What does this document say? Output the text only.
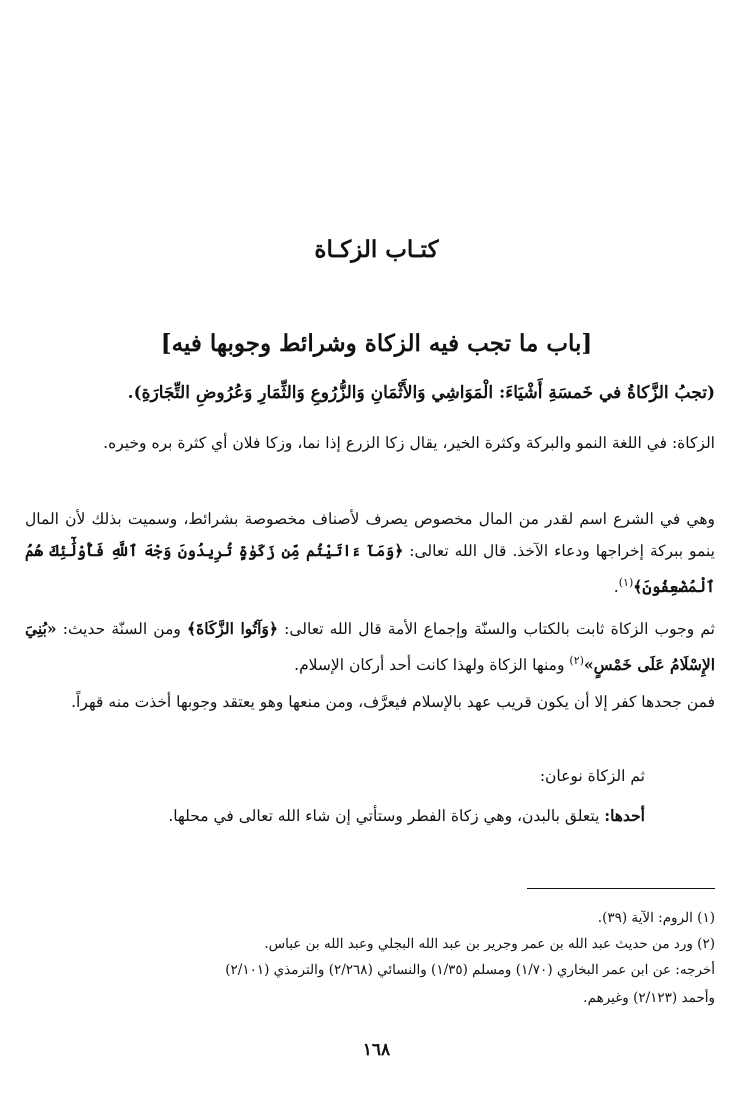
كتـاب الزكـاة
[باب ما تجب فيه الزكاة وشرائط وجوبها فيه]
(تجبُ الزَّكاةُ في خَمسَةِ أَشْيَاءَ: الْمَوَاشِي وَالأَثْمَانِ وَالزُّرُوعِ وَالثِّمَارِ وَعُرُوضِ التِّجَارَةِ).
الزكاة: في اللغة النمو والبركة وكثرة الخير، يقال زكا الزرع إذا نما، وزكا فلان أي كثرة بره وخيره.
وهي في الشرع اسم لقدر من المال مخصوص يصرف لأصناف مخصوصة بشرائط، وسميت بذلك لأن المال ينمو ببركة إخراجها ودعاء الآخذ. قال الله تعالى: ﴿وَمَآ ءَاتَيْتُم مِّن زَكَوٰةٍ تُرِيدُونَ وَجْهَ ٱللَّهِ فَأُوْلَٰٓئِكَ هُمُ ٱلْمُضْعِفُونَ﴾$^{(١)}$.
ثم وجوب الزكاة ثابت بالكتاب والسنّة وإجماع الأمة قال الله تعالى: ﴿وَآتُوا الزَّكَاةَ﴾ ومن السنّة حديث: «بُنِيَ الإِسْلَامُ عَلَى خَمْسٍ»$^{(٢)}$ ومنها الزكاة ولهذا كانت أحد أركان الإسلام.
فمن جحدها كفر إلا أن يكون قريب عهد بالإسلام فيعرَّف، ومن منعها وهو يعتقد وجوبها أخذت منه قهراً.
ثم الزكاة نوعان:
أحدها: يتعلق بالبدن، وهي زكاة الفطر وستأتي إن شاء الله تعالى في محلها.
(١) الروم: الآية (٣٩).
(٢) ورد من حديث عبد الله بن عمر وجرير بن عبد الله البجلي وعبد الله بن عباس.
أخرجه: عن ابن عمر البخاري (١/٧٠) ومسلم (١/٣٥) والنسائي (٢/٢٦٨) والترمذي (٢/١٠١)
وأحمد (٢/١٢٣) وغيرهم.
١٦٨
